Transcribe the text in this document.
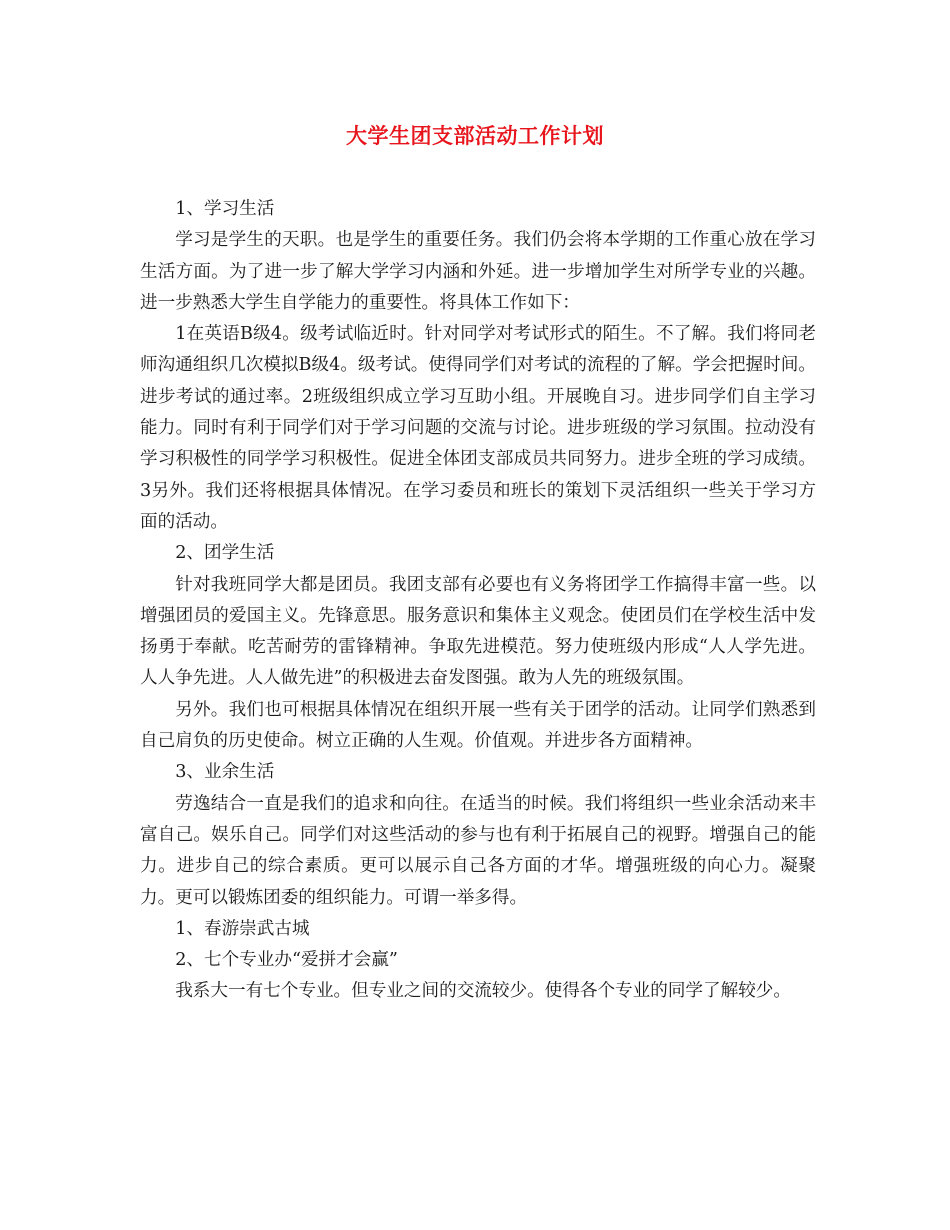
大学生团支部活动工作计划

1、学习生活

学习是学生的天职。也是学生的重要任务。我们仍会将本学期的工作重心放在学习生活方面。为了进一步了解大学学习内涵和外延。进一步增加学生对所学专业的兴趣。进一步熟悉大学生自学能力的重要性。将具体工作如下：

1在英语B级4。级考试临近时。针对同学对考试形式的陌生。不了解。我们将同老师沟通组织几次模拟B级4。级考试。使得同学们对考试的流程的了解。学会把握时间。进步考试的通过率。2班级组织成立学习互助小组。开展晚自习。进步同学们自主学习能力。同时有利于同学们对于学习问题的交流与讨论。进步班级的学习氛围。拉动没有学习积极性的同学学习积极性。促进全体团支部成员共同努力。进步全班的学习成绩。3另外。我们还将根据具体情况。在学习委员和班长的策划下灵活组织一些关于学习方面的活动。

2、团学生活

针对我班同学大都是团员。我团支部有必要也有义务将团学工作搞得丰富一些。以增强团员的爱国主义。先锋意思。服务意识和集体主义观念。使团员们在学校生活中发扬勇于奉献。吃苦耐劳的雷锋精神。争取先进模范。努力使班级内形成“人人学先进。人人争先进。人人做先进”的积极进去奋发图强。敢为人先的班级氛围。

另外。我们也可根据具体情况在组织开展一些有关于团学的活动。让同学们熟悉到自己肩负的历史使命。树立正确的人生观。价值观。并进步各方面精神。

3、业余生活

劳逸结合一直是我们的追求和向往。在适当的时候。我们将组织一些业余活动来丰富自己。娱乐自己。同学们对这些活动的参与也有利于拓展自己的视野。增强自己的能力。进步自己的综合素质。更可以展示自己各方面的才华。增强班级的向心力。凝聚力。更可以锻炼团委的组织能力。可谓一举多得。

1、春游崇武古城

2、七个专业办“爱拼才会赢”

我系大一有七个专业。但专业之间的交流较少。使得各个专业的同学了解较少。
